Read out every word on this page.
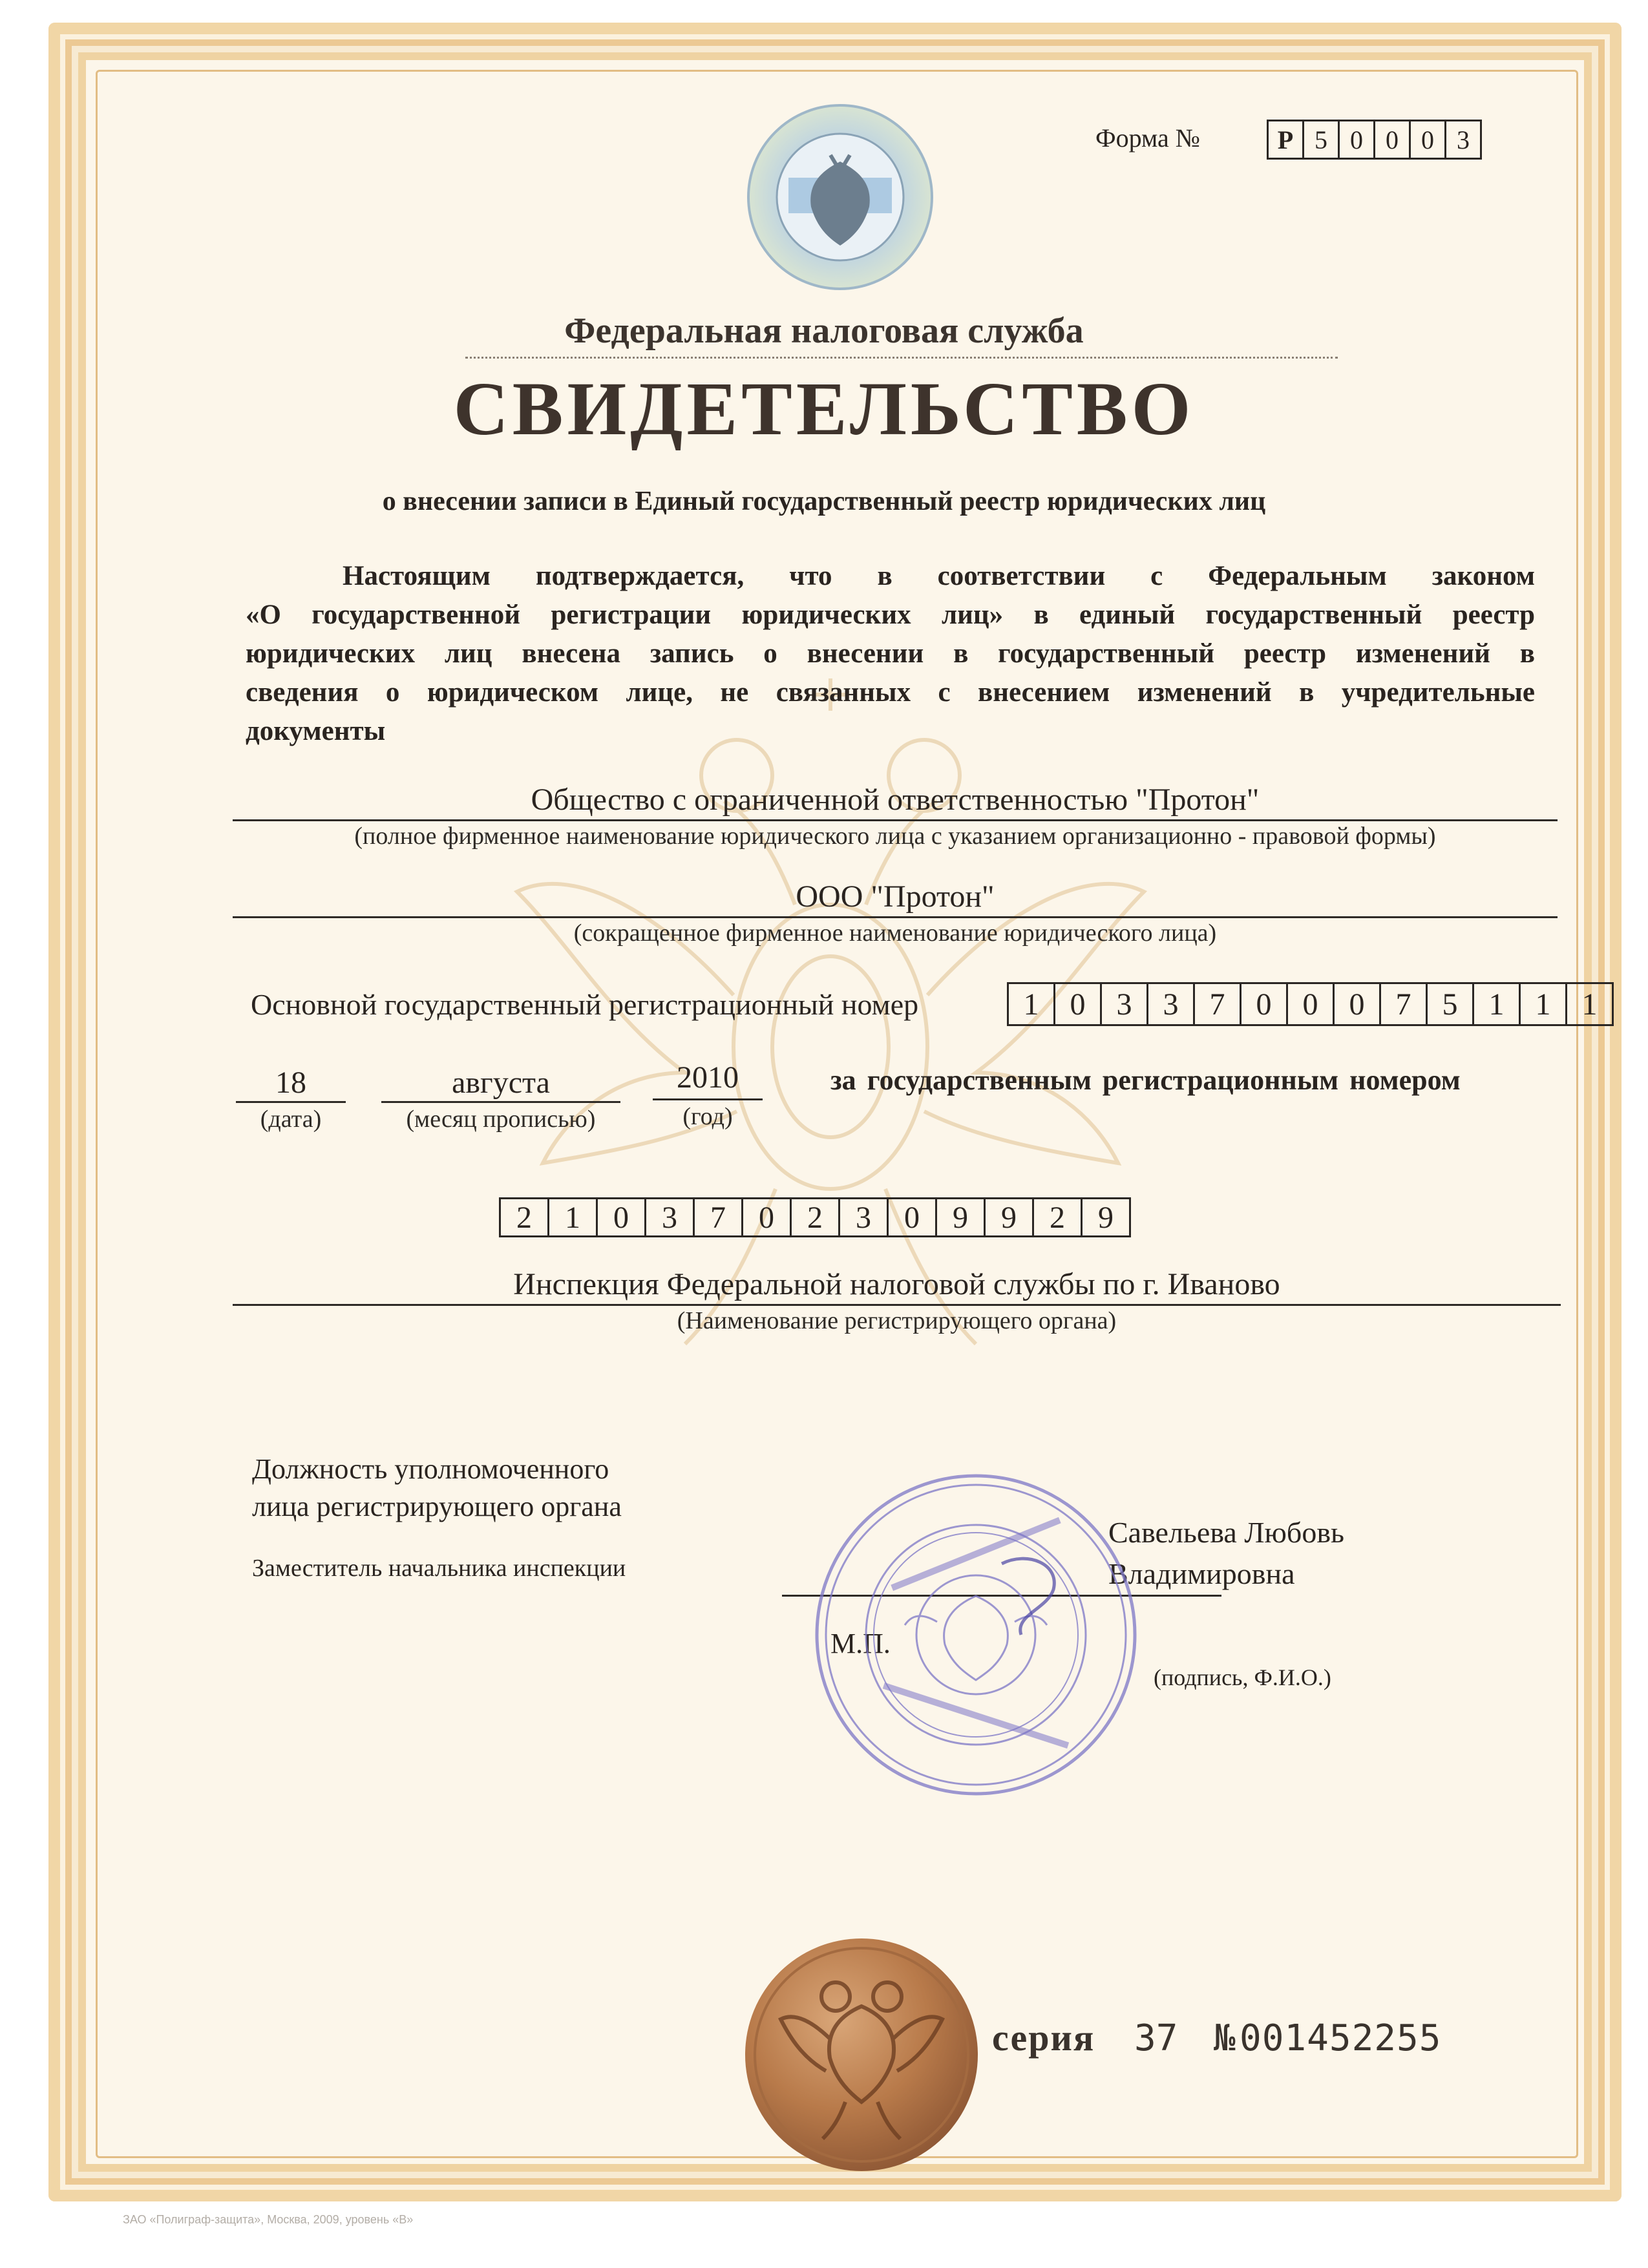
Форма №	Р 5 0 0 0 3
Федеральная налоговая служба
СВИДЕТЕЛЬСТВО
о внесении записи в Единый государственный реестр юридических лиц
Настоящим подтверждается, что в соответствии с Федеральным законом
«О государственной регистрации юридических лиц» в единый государственный реестр
юридических лиц внесена запись о внесении в государственный реестр изменений в
сведения о юридическом лице, не связанных с внесением изменений в учредительные
документы
Общество с ограниченной ответственностью "Протон"
(полное фирменное наименование юридического лица с указанием организационно - правовой формы)
ООО "Протон"
(сокращенное фирменное наименование юридического лица)
Основной государственный регистрационный номер	1	0	3	3	7	0	0	0	7	5	1	1	1
18
(дата)
августа
(месяц прописью)
2010
(год)
за государственным регистрационным номером
2	1	0	3	7	0	2	3	0	9	9	2	9
Инспекция Федеральной налоговой службы по г. Иваново
(Наименование регистрирующего органа)
Должность уполномоченного
лица регистрирующего органа
Заместитель начальника инспекции
Савельева Любовь
Владимировна
М.П.
(подпись, Ф.И.О.)
серия 37 № 001452255
ЗАО «Полиграф-защита», Москва, 2009, уровень «В»
